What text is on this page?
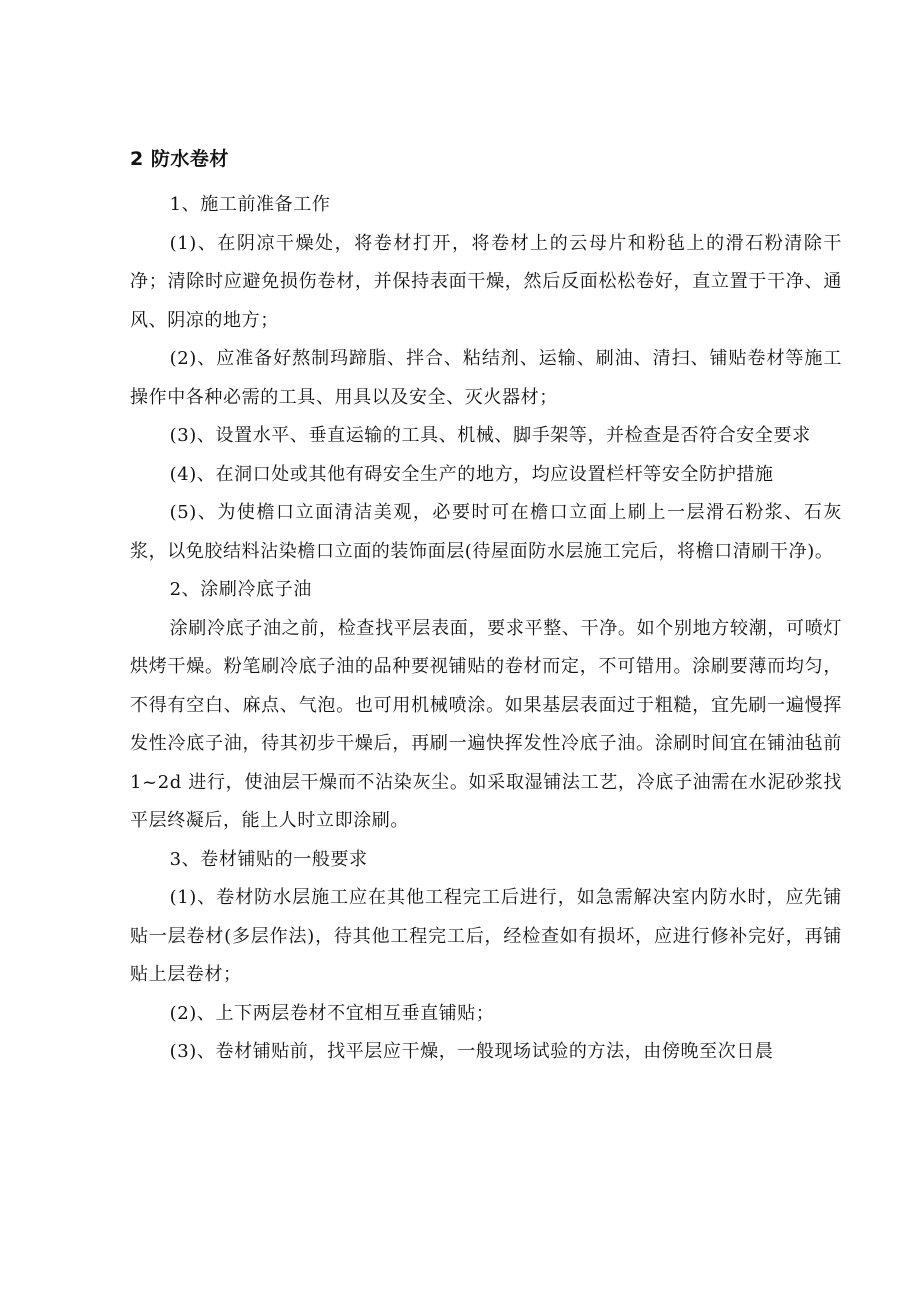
2 防水卷材

1、施工前准备工作

(1)、在阴凉干燥处，将卷材打开，将卷材上的云母片和粉毡上的滑石粉清除干净；清除时应避免损伤卷材，并保持表面干燥，然后反面松松卷好，直立置于干净、通风、阴凉的地方；

(2)、应准备好熬制玛蹄脂、拌合、粘结剂、运输、刷油、清扫、铺贴卷材等施工操作中各种必需的工具、用具以及安全、灭火器材；

(3)、设置水平、垂直运输的工具、机械、脚手架等，并检查是否符合安全要求

(4)、在洞口处或其他有碍安全生产的地方，均应设置栏杆等安全防护措施

(5)、为使檐口立面清洁美观，必要时可在檐口立面上刷上一层滑石粉浆、石灰浆，以免胶结料沾染檐口立面的装饰面层(待屋面防水层施工完后，将檐口清刷干净)。

2、涂刷冷底子油

涂刷冷底子油之前，检查找平层表面，要求平整、干净。如个别地方较潮，可喷灯烘烤干燥。粉笔刷冷底子油的品种要视铺贴的卷材而定，不可错用。涂刷要薄而均匀，不得有空白、麻点、气泡。也可用机械喷涂。如果基层表面过于粗糙，宜先刷一遍慢挥发性冷底子油，待其初步干燥后，再刷一遍快挥发性冷底子油。涂刷时间宜在铺油毡前 1~2d 进行，使油层干燥而不沾染灰尘。如采取湿铺法工艺，冷底子油需在水泥砂浆找平层终凝后，能上人时立即涂刷。

3、卷材铺贴的一般要求

(1)、卷材防水层施工应在其他工程完工后进行，如急需解决室内防水时，应先铺贴一层卷材(多层作法)，待其他工程完工后，经检查如有损坏，应进行修补完好，再铺贴上层卷材；

(2)、上下两层卷材不宜相互垂直铺贴；

(3)、卷材铺贴前，找平层应干燥，一般现场试验的方法，由傍晚至次日晨
